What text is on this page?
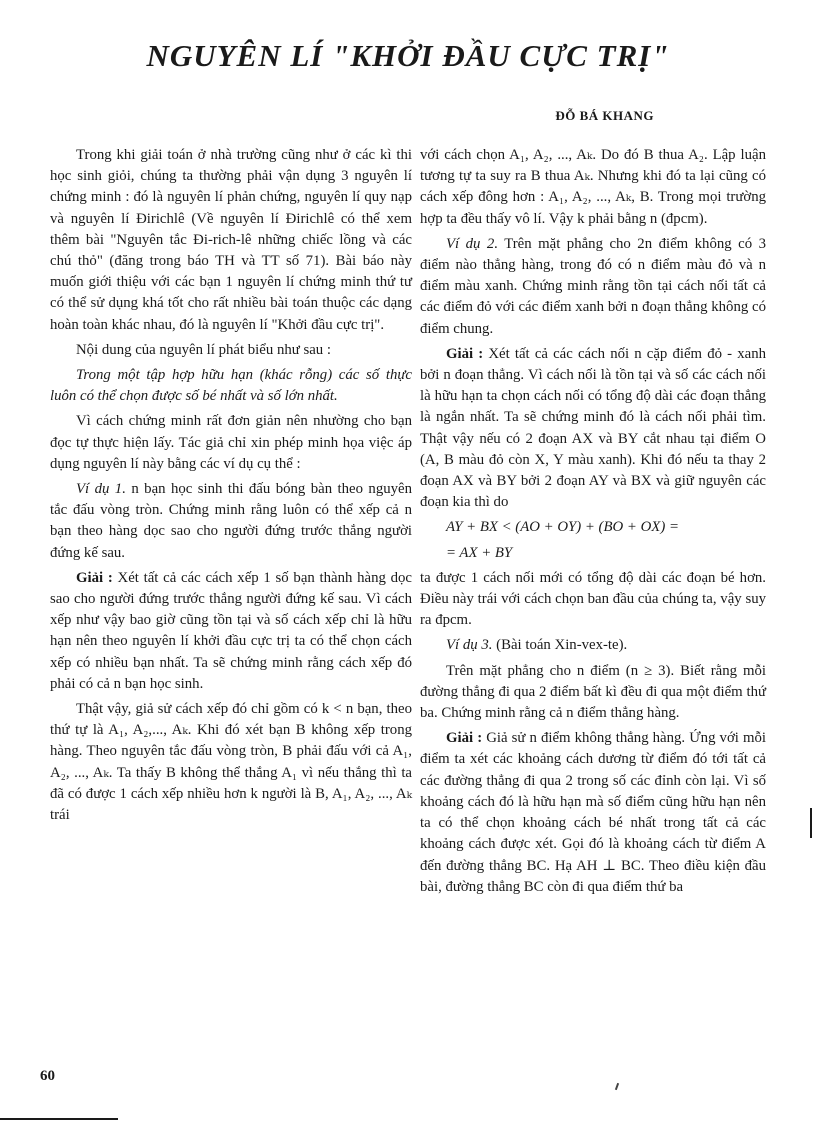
NGUYÊN LÍ "KHỞI ĐẦU CỰC TRỊ"
ĐỖ BÁ KHANG

Trong khi giải toán ở nhà trường cũng như ở các kì thi học sinh giỏi, chúng ta thường phải vận dụng 3 nguyên lí chứng minh : đó là nguyên lí phản chứng, nguyên lí quy nạp và nguyên lí Đirichlê (Về nguyên lí Đirichlê có thể xem thêm bài "Nguyên tắc Đi-rich-lê những chiếc lồng và các chú thỏ" (đăng trong báo TH và TT số 71). Bài báo này muốn giới thiệu với các bạn 1 nguyên lí chứng minh thứ tư có thể sử dụng khá tốt cho rất nhiều bài toán thuộc các dạng hoàn toàn khác nhau, đó là nguyên lí "Khởi đầu cực trị".

Nội dung của nguyên lí phát biểu như sau :

Trong một tập hợp hữu hạn (khác rỗng) các số thực luôn có thể chọn được số bé nhất và số lớn nhất.

Vì cách chứng minh rất đơn giản nên nhường cho bạn đọc tự thực hiện lấy. Tác giả chỉ xin phép minh họa việc áp dụng nguyên lí này bằng các ví dụ cụ thể :

Ví dụ 1. n bạn học sinh thi đấu bóng bàn theo nguyên tắc đấu vòng tròn. Chứng minh rằng luôn có thể xếp cả n bạn theo hàng dọc sao cho người đứng trước thắng người đứng kế sau.

Giải : Xét tất cả các cách xếp 1 số bạn thành hàng dọc sao cho người đứng trước thắng người đứng kế sau. Vì cách xếp như vậy bao giờ cũng tồn tại và số cách xếp chỉ là hữu hạn nên theo nguyên lí khởi đầu cực trị ta có thể chọn cách xếp có nhiều bạn nhất. Ta sẽ chứng minh rằng cách xếp đó phải có cả n bạn học sinh.

Thật vậy, giả sử cách xếp đó chỉ gồm có k < n bạn, theo thứ tự là A₁, A₂,..., Aₖ. Khi đó xét bạn B không xếp trong hàng. Theo nguyên tắc đấu vòng tròn, B phải đấu với cả A₁, A₂, ..., Aₖ. Ta thấy B không thể thắng A₁ vì nếu thắng thì ta đã có được 1 cách xếp nhiều hơn k người là B, A₁, A₂, ..., Aₖ trái

với cách chọn A₁, A₂, ..., Aₖ. Do đó B thua A₂. Lập luận tương tự ta suy ra B thua Aₖ. Nhưng khi đó ta lại cũng có cách xếp đông hơn : A₁, A₂, ..., Aₖ, B. Trong mọi trường hợp ta đều thấy vô lí. Vậy k phải bằng n (đpcm).

Ví dụ 2. Trên mặt phẳng cho 2n điểm không có 3 điểm nào thẳng hàng, trong đó có n điểm màu đỏ và n điểm màu xanh. Chứng minh rằng tồn tại cách nối tất cả các điểm đỏ với các điểm xanh bởi n đoạn thẳng không có điểm chung.

Giải : Xét tất cả các cách nối n cặp điểm đỏ - xanh bởi n đoạn thẳng. Vì cách nối là tồn tại và số các cách nối là hữu hạn ta chọn cách nối có tổng độ dài các đoạn thẳng là ngắn nhất. Ta sẽ chứng minh đó là cách nối phải tìm. Thật vậy nếu có 2 đoạn AX và BY cắt nhau tại điểm O (A, B màu đỏ còn X, Y màu xanh). Khi đó nếu ta thay 2 đoạn AX và BY bởi 2 đoạn AY và BX và giữ nguyên các đoạn kia thì do

AY + BX < (AO + OY) + (BO + OX) =
= AX + BY

ta được 1 cách nối mới có tổng độ dài các đoạn bé hơn. Điều này trái với cách chọn ban đầu của chúng ta, vậy suy ra đpcm.

Ví dụ 3. (Bài toán Xin-vex-te).

Trên mặt phẳng cho n điểm (n ≥ 3). Biết rằng mỗi đường thẳng đi qua 2 điểm bất kì đều đi qua một điểm thứ ba. Chứng minh rằng cả n điểm thẳng hàng.

Giải : Giả sử n điểm không thẳng hàng. Ứng với mỗi điểm ta xét các khoảng cách dương từ điểm đó tới tất cả các đường thẳng đi qua 2 trong số các đỉnh còn lại. Vì số khoảng cách đó là hữu hạn mà số điểm cũng hữu hạn nên ta có thể chọn khoảng cách bé nhất trong tất cả các khoảng cách được xét. Gọi đó là khoảng cách từ điểm A đến đường thẳng BC. Hạ AH ⊥ BC. Theo điều kiện đầu bài, đường thẳng BC còn đi qua điểm thứ ba

60
